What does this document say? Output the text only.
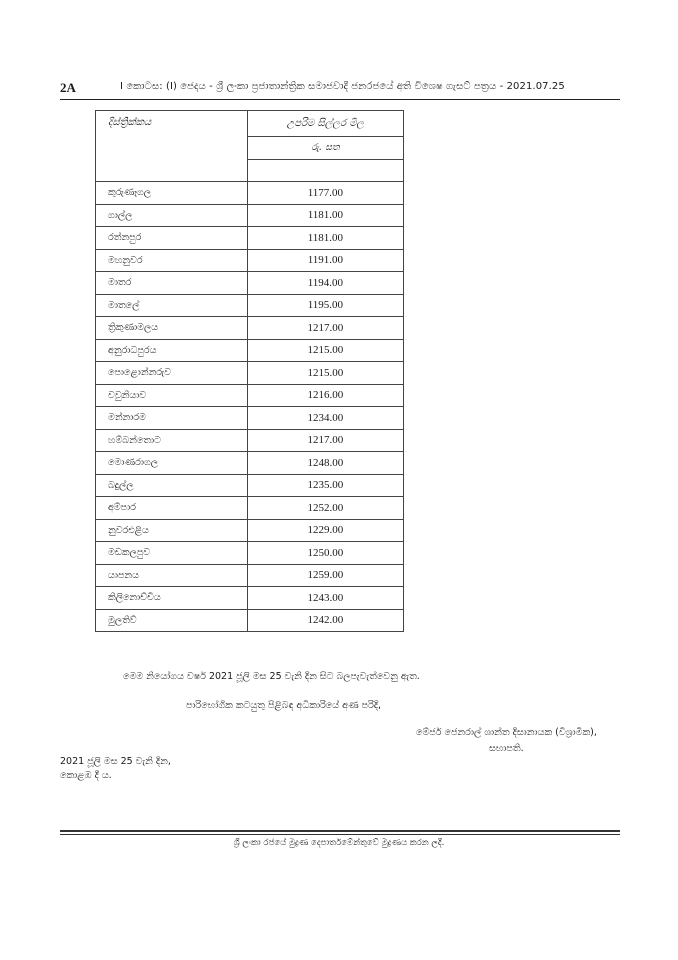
2A	I කොටස: (I) ජෙදය - ශ්‍රී ලංකා ප්‍රජාතාන්ත්‍රික සමාජවාදී ජනරජයේ අති විශෙෂ ගැසට් පත්‍රය - 2021.07.25
දිස්ත්‍රික්කය	උපරිම සිල්ලර මිල
	රු. සත

කුරුණෑගල	1177.00
ගාල්ල	1181.00
රත්නපුර	1181.00
මහනුවර	1191.00
මාතර	1194.00
මාතලේ	1195.00
ත්‍රිකුණාමලය	1217.00
අනුරාධපුරය	1215.00
පොළොන්නරුව	1215.00
වවුනියාව	1216.00
මන්නාරම	1234.00
හම්බන්තොට	1217.00
මොණරාගල	1248.00
බදුල්ල	1235.00
අම්පාර	1252.00
නුවරඑළිය	1229.00
මඩකලපුව	1250.00
යාපනය	1259.00
කිලිනොච්චිය	1243.00
මුලතිව්	1242.00
මෙම නියෝගය වර්ෂ 2021 ජූලි මස 25 වැනි දින සිට බලපැවැත්වෙනු ඇත.
පාරිභෝගික කටයුතු පිළිබඳ අධිකාරියේ අණ පරිදි,
මේජර් ජෙනරාල් ශාන්ත දිසානායක (විශ්‍රාමික),
සභාපති.
2021 ජූලි මස 25 වැනි දින,
කොළඹ දී ය.
ශ්‍රී ලංකා රජයේ මුද්‍රණ දෙපාර්තමේන්තුවේ මුද්‍රණය කරන ලදී.
